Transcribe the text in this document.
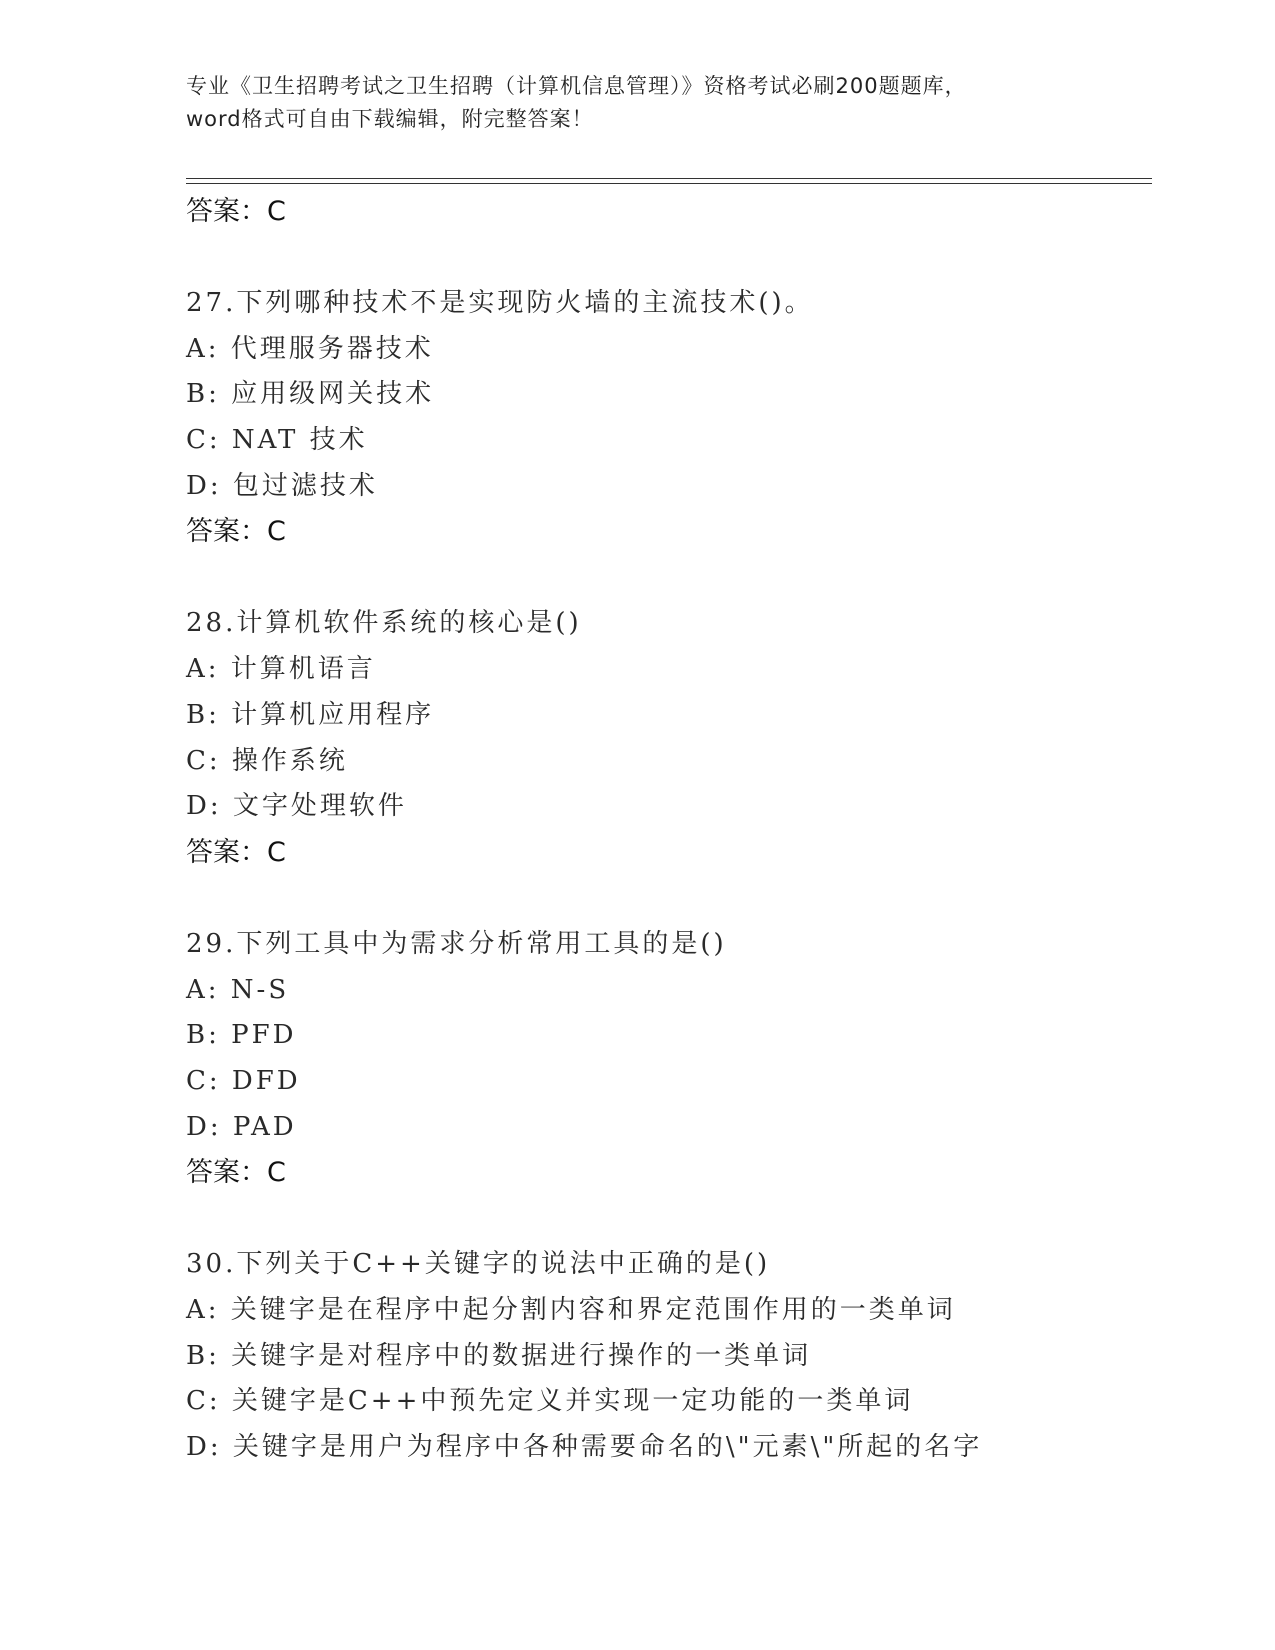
专业《卫生招聘考试之卫生招聘（计算机信息管理）》资格考试必刷200题题库，
word格式可自由下载编辑，附完整答案！
答案：C
27.下列哪种技术不是实现防火墙的主流技术()。
A: 代理服务器技术
B: 应用级网关技术
C: NAT 技术
D: 包过滤技术
答案：C
28.计算机软件系统的核心是()
A: 计算机语言
B: 计算机应用程序
C: 操作系统
D: 文字处理软件
答案：C
29.下列工具中为需求分析常用工具的是()
A: N-S
B: PFD
C: DFD
D: PAD
答案：C
30.下列关于C++关键字的说法中正确的是()
A: 关键字是在程序中起分割内容和界定范围作用的一类单词
B: 关键字是对程序中的数据进行操作的一类单词
C: 关键字是C++中预先定义并实现一定功能的一类单词
D: 关键字是用户为程序中各种需要命名的\"元素\"所起的名字
